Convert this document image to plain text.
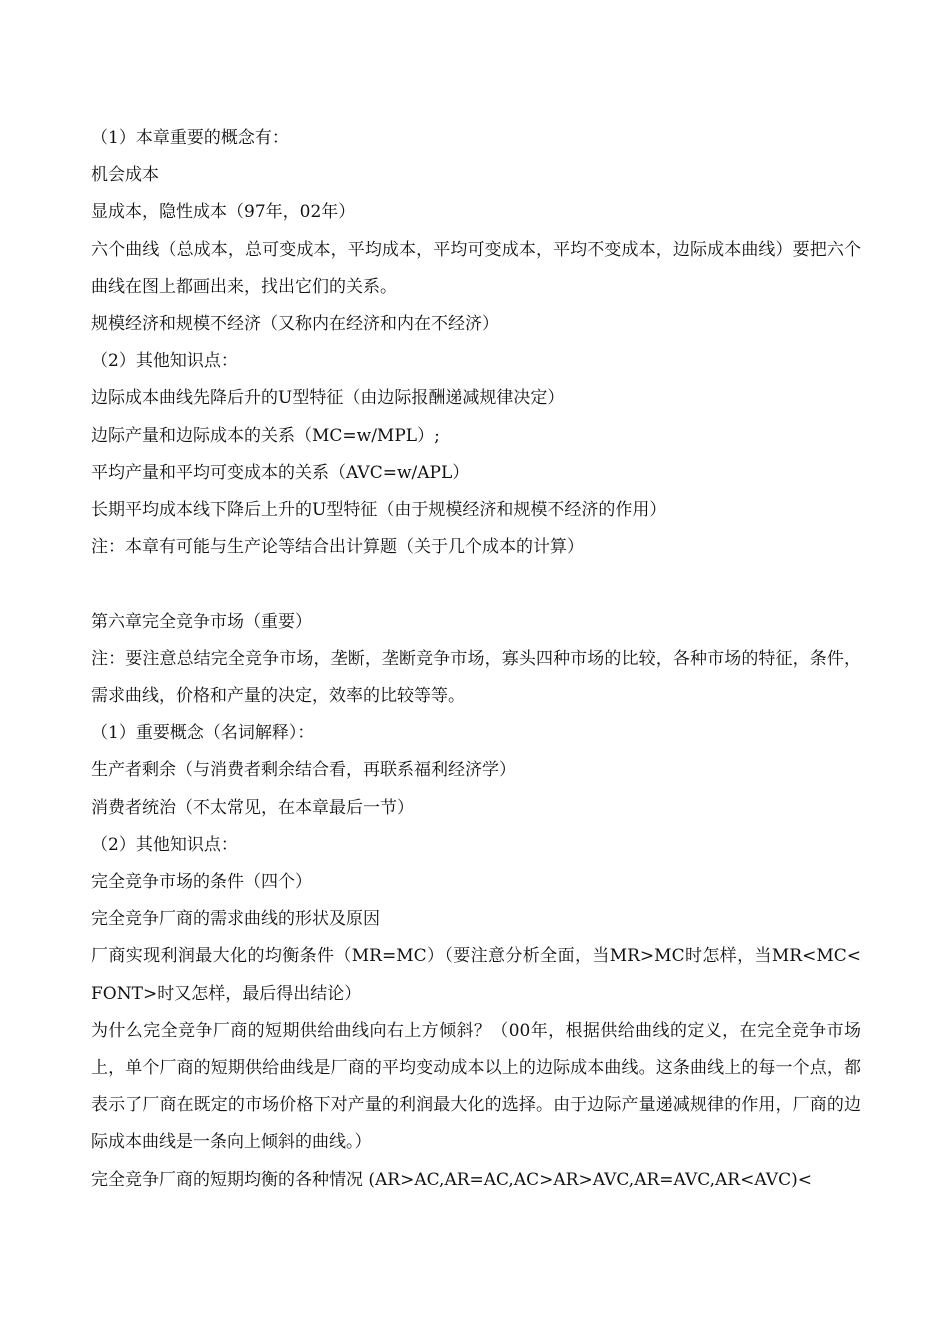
（1）本章重要的概念有：

机会成本

显成本，隐性成本（97年，02年）

六个曲线（总成本，总可变成本，平均成本，平均可变成本，平均不变成本，边际成本曲线）要把六个曲线在图上都画出来，找出它们的关系。

规模经济和规模不经济（又称内在经济和内在不经济）

（2）其他知识点：

边际成本曲线先降后升的U型特征（由边际报酬递减规律决定）

边际产量和边际成本的关系（MC=w/MPL）;

平均产量和平均可变成本的关系（AVC=w/APL）

长期平均成本线下降后上升的U型特征（由于规模经济和规模不经济的作用）

注：本章有可能与生产论等结合出计算题（关于几个成本的计算）

第六章完全竞争市场（重要）

注：要注意总结完全竞争市场，垄断，垄断竞争市场，寡头四种市场的比较，各种市场的特征，条件，需求曲线，价格和产量的决定，效率的比较等等。

（1）重要概念（名词解释）：

生产者剩余（与消费者剩余结合看，再联系福利经济学）

消费者统治（不太常见，在本章最后一节）

（2）其他知识点：

完全竞争市场的条件（四个）

完全竞争厂商的需求曲线的形状及原因

厂商实现利润最大化的均衡条件（MR=MC）（要注意分析全面，当MR>MC时怎样，当MR<MC< FONT>时又怎样，最后得出结论）

为什么完全竞争厂商的短期供给曲线向右上方倾斜？（00年，根据供给曲线的定义，在完全竞争市场上，单个厂商的短期供给曲线是厂商的平均变动成本以上的边际成本曲线。这条曲线上的每一个点，都表示了厂商在既定的市场价格下对产量的利润最大化的选择。由于边际产量递减规律的作用，厂商的边际成本曲线是一条向上倾斜的曲线。）

完全竞争厂商的短期均衡的各种情况 (AR>AC,AR=AC,AC>AR>AVC,AR=AVC,AR<AVC)<
